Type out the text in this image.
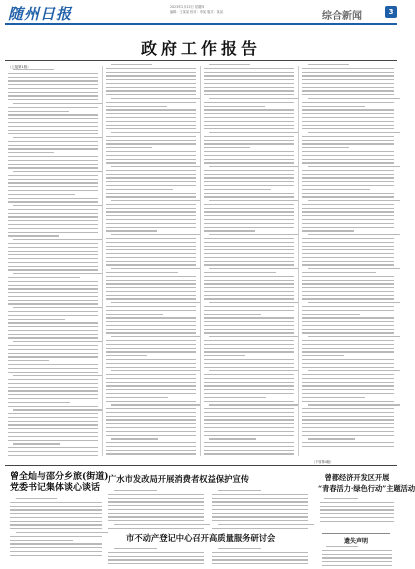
随州日报	2023年2月23日 星期四
编辑：王某某 校对：李某 版式：某某	综合新闻	3
政府工作报告
（上接第1版）
（下转第4版）
曾全灿与邵分乡旅(街道)
党委书记集体谈心谈话
广水市发改局开展消费者权益保护宣传
市不动产登记中心召开高质量服务研讨会
曾都经济开发区开展
“青春活力·绿色行动”主题活动
遗失声明
